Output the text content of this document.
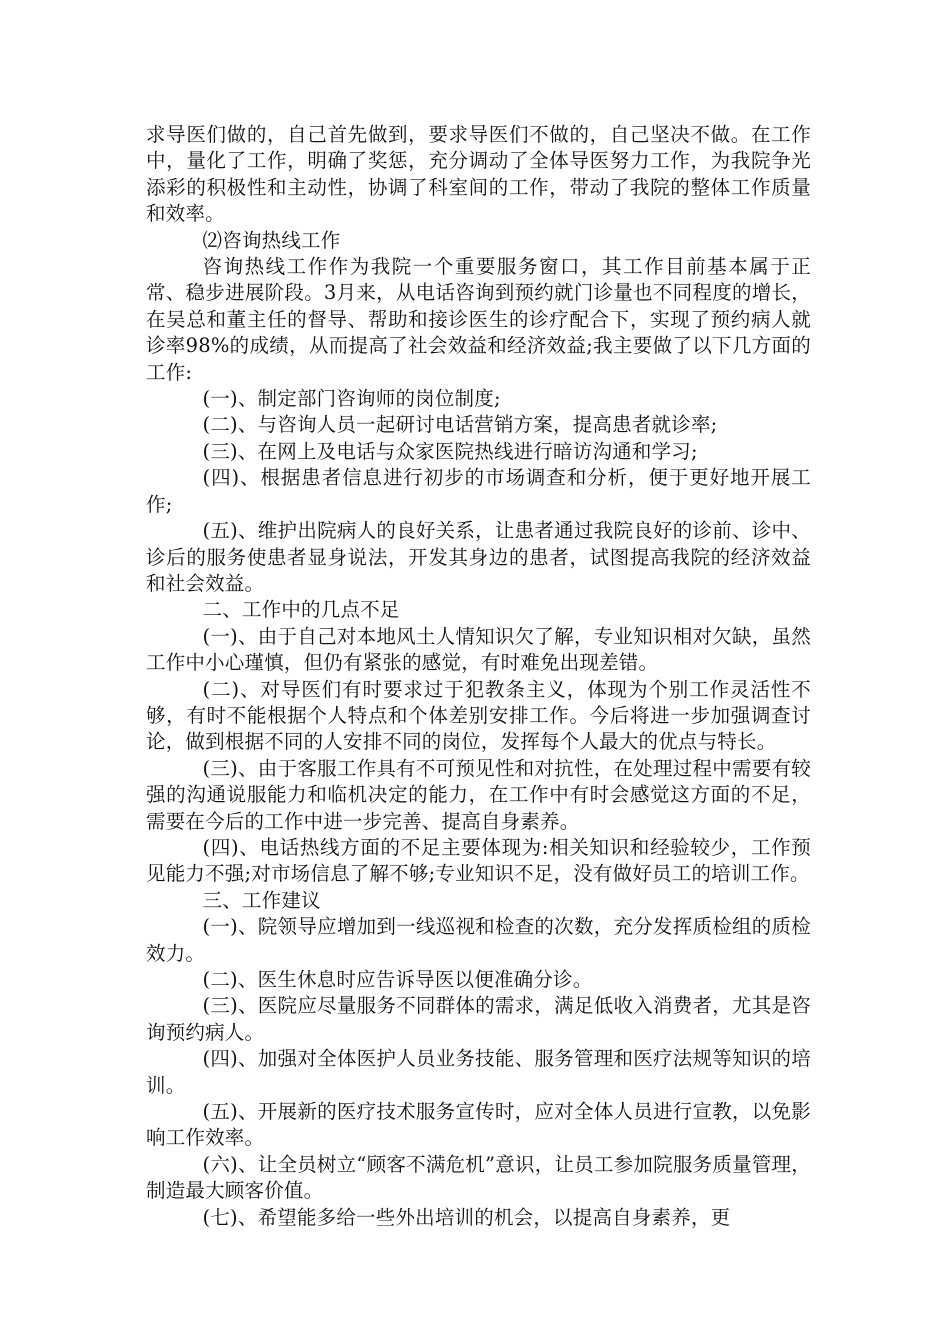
求导医们做的，自己首先做到，要求导医们不做的，自己坚决不做。在工作中，量化了工作，明确了奖惩，充分调动了全体导医努力工作，为我院争光添彩的积极性和主动性，协调了科室间的工作，带动了我院的整体工作质量和效率。

⑵咨询热线工作

咨询热线工作作为我院一个重要服务窗口，其工作目前基本属于正常、稳步进展阶段。3月来，从电话咨询到预约就门诊量也不同程度的增长，在吴总和董主任的督导、帮助和接诊医生的诊疗配合下，实现了预约病人就诊率98%的成绩，从而提高了社会效益和经济效益;我主要做了以下几方面的工作:

(一)、制定部门咨询师的岗位制度;

(二)、与咨询人员一起研讨电话营销方案，提高患者就诊率;

(三)、在网上及电话与众家医院热线进行暗访沟通和学习;

(四)、根据患者信息进行初步的市场调查和分析，便于更好地开展工作;

(五)、维护出院病人的良好关系，让患者通过我院良好的诊前、诊中、诊后的服务使患者显身说法，开发其身边的患者，试图提高我院的经济效益和社会效益。

二、工作中的几点不足

(一)、由于自己对本地风土人情知识欠了解，专业知识相对欠缺，虽然工作中小心瑾慎，但仍有紧张的感觉，有时难免出现差错。

(二)、对导医们有时要求过于犯教条主义，体现为个别工作灵活性不够，有时不能根据个人特点和个体差别安排工作。今后将进一步加强调查讨论，做到根据不同的人安排不同的岗位，发挥每个人最大的优点与特长。

(三)、由于客服工作具有不可预见性和对抗性，在处理过程中需要有较强的沟通说服能力和临机决定的能力，在工作中有时会感觉这方面的不足，需要在今后的工作中进一步完善、提高自身素养。

(四)、电话热线方面的不足主要体现为:相关知识和经验较少，工作预见能力不强;对市场信息了解不够;专业知识不足，没有做好员工的培训工作。

三、工作建议

(一)、院领导应增加到一线巡视和检查的次数，充分发挥质检组的质检效力。

(二)、医生休息时应告诉导医以便准确分诊。

(三)、医院应尽量服务不同群体的需求，满足低收入消费者，尤其是咨询预约病人。

(四)、加强对全体医护人员业务技能、服务管理和医疗法规等知识的培训。

(五)、开展新的医疗技术服务宣传时，应对全体人员进行宣教，以免影响工作效率。

(六)、让全员树立“顾客不满危机”意识，让员工参加院服务质量管理，制造最大顾客价值。

(七)、希望能多给一些外出培训的机会，以提高自身素养，更
